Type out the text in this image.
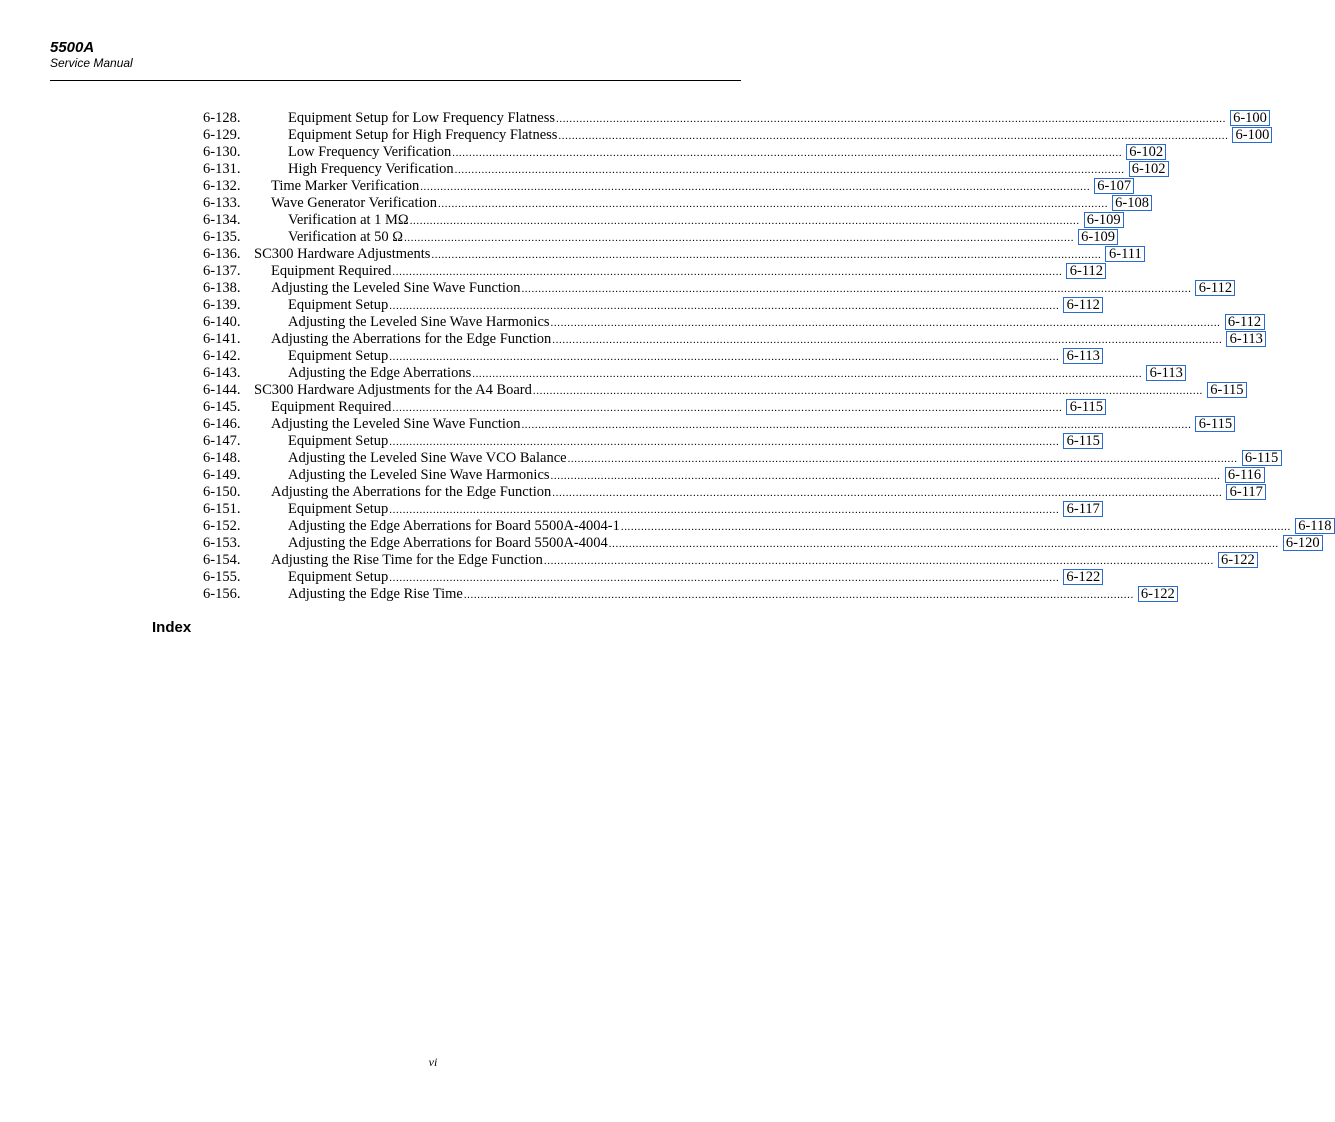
5500A
Service Manual
6-128.	Equipment Setup for Low Frequency Flatness ........................................................................................................................................................................................................ 6-100
6-129.	Equipment Setup for High Frequency Flatness ........................................................................................................................................................................................................ 6-100
6-130.	Low Frequency Verification ........................................................................................................................................................................................................ 6-102
6-131.	High Frequency Verification ........................................................................................................................................................................................................ 6-102
6-132.	Time Marker Verification ........................................................................................................................................................................................................ 6-107
6-133.	Wave Generator Verification ........................................................................................................................................................................................................ 6-108
6-134.	Verification at 1 MΩ ........................................................................................................................................................................................................ 6-109
6-135.	Verification at 50 Ω ........................................................................................................................................................................................................ 6-109
6-136. SC300 Hardware Adjustments ........................................................................................................................................................................................................ 6-111
6-137.	Equipment Required ........................................................................................................................................................................................................ 6-112
6-138.	Adjusting the Leveled Sine Wave Function ........................................................................................................................................................................................................ 6-112
6-139.	Equipment Setup ........................................................................................................................................................................................................ 6-112
6-140.	Adjusting the Leveled Sine Wave Harmonics ........................................................................................................................................................................................................ 6-112
6-141.	Adjusting the Aberrations for the Edge Function ........................................................................................................................................................................................................ 6-113
6-142.	Equipment Setup ........................................................................................................................................................................................................ 6-113
6-143.	Adjusting the Edge Aberrations ........................................................................................................................................................................................................ 6-113
6-144. SC300 Hardware Adjustments for the A4 Board ........................................................................................................................................................................................................ 6-115
6-145.	Equipment Required ........................................................................................................................................................................................................ 6-115
6-146.	Adjusting the Leveled Sine Wave Function ........................................................................................................................................................................................................ 6-115
6-147.	Equipment Setup ........................................................................................................................................................................................................ 6-115
6-148.	Adjusting the Leveled Sine Wave VCO Balance ........................................................................................................................................................................................................ 6-115
6-149.	Adjusting the Leveled Sine Wave Harmonics ........................................................................................................................................................................................................ 6-116
6-150.	Adjusting the Aberrations for the Edge Function ........................................................................................................................................................................................................ 6-117
6-151.	Equipment Setup ........................................................................................................................................................................................................ 6-117
6-152.	Adjusting the Edge Aberrations for Board 5500A-4004-1 ........................................................................................................................................................................................................ 6-118
6-153.	Adjusting the Edge Aberrations for Board 5500A-4004 ........................................................................................................................................................................................................ 6-120
6-154.	Adjusting the Rise Time for the Edge Function ........................................................................................................................................................................................................ 6-122
6-155.	Equipment Setup ........................................................................................................................................................................................................ 6-122
6-156.	Adjusting the Edge Rise Time ........................................................................................................................................................................................................ 6-122
Index
vi
